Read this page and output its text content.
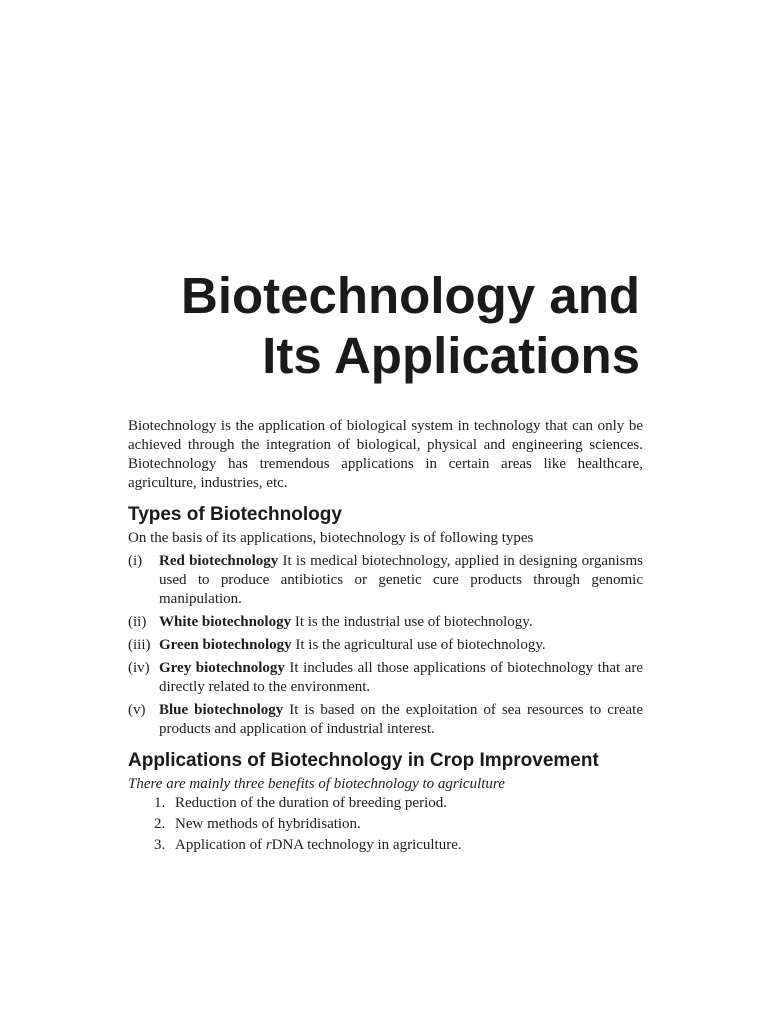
Biotechnology and
Its Applications

Biotechnology is the application of biological system in technology that can only be achieved through the integration of biological, physical and engineering sciences. Biotechnology has tremendous applications in certain areas like healthcare, agriculture, industries, etc.

Types of Biotechnology

On the basis of its applications, biotechnology is of following types

(i) Red biotechnology It is medical biotechnology, applied in designing organisms used to produce antibiotics or genetic cure products through genomic manipulation.
(ii) White biotechnology It is the industrial use of biotechnology.
(iii) Green biotechnology It is the agricultural use of biotechnology.
(iv) Grey biotechnology It includes all those applications of biotechnology that are directly related to the environment.
(v) Blue biotechnology It is based on the exploitation of sea resources to create products and application of industrial interest.
Applications of Biotechnology in Crop Improvement

There are mainly three benefits of biotechnology to agriculture

1. Reduction of the duration of breeding period.
2. New methods of hybridisation.
3. Application of rDNA technology in agriculture.
